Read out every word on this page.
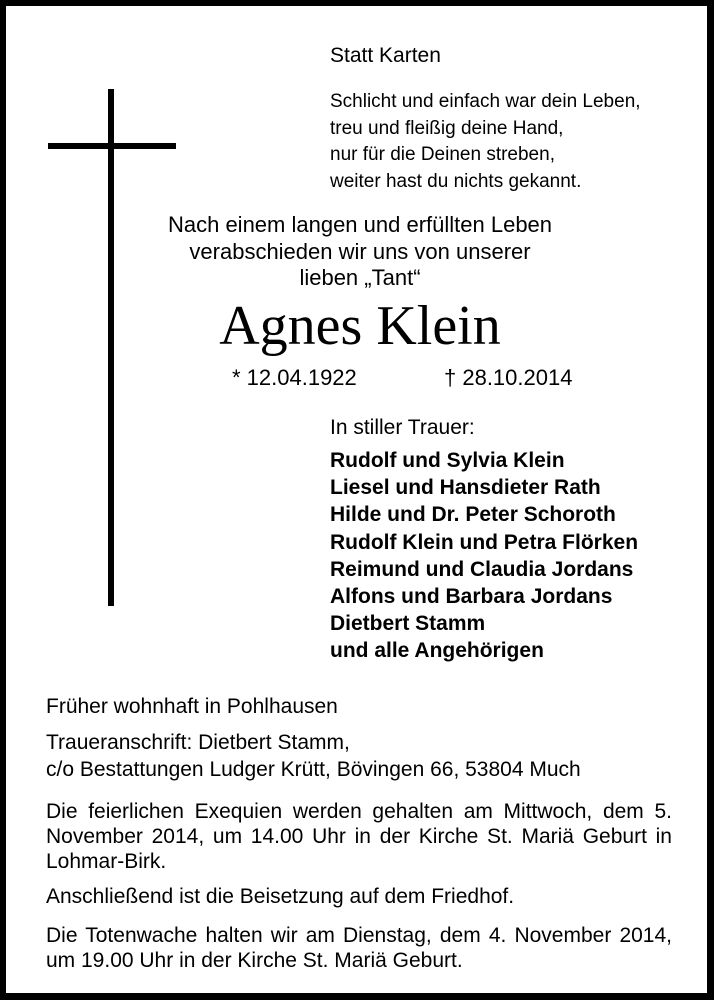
Statt Karten
Schlicht und einfach war dein Leben,
treu und fleißig deine Hand,
nur für die Deinen streben,
weiter hast du nichts gekannt.
Nach einem langen und erfüllten Leben
verabschieden wir uns von unserer
lieben „Tant“
Agnes Klein
* 12.04.1922	† 28.10.2014
In stiller Trauer:
Rudolf und Sylvia Klein
Liesel und Hansdieter Rath
Hilde und Dr. Peter Schoroth
Rudolf Klein und Petra Flörken
Reimund und Claudia Jordans
Alfons und Barbara Jordans
Dietbert Stamm
und alle Angehörigen
Früher wohnhaft in Pohlhausen
Traueranschrift: Dietbert Stamm,
c/o Bestattungen Ludger Krütt, Bövingen 66, 53804 Much
Die feierlichen Exequien werden gehalten am Mittwoch, dem 5. November 2014, um 14.00 Uhr in der Kirche St. Mariä Geburt in Lohmar-Birk.
Anschließend ist die Beisetzung auf dem Friedhof.
Die Totenwache halten wir am Dienstag, dem 4. November 2014, um 19.00 Uhr in der Kirche St. Mariä Geburt.
